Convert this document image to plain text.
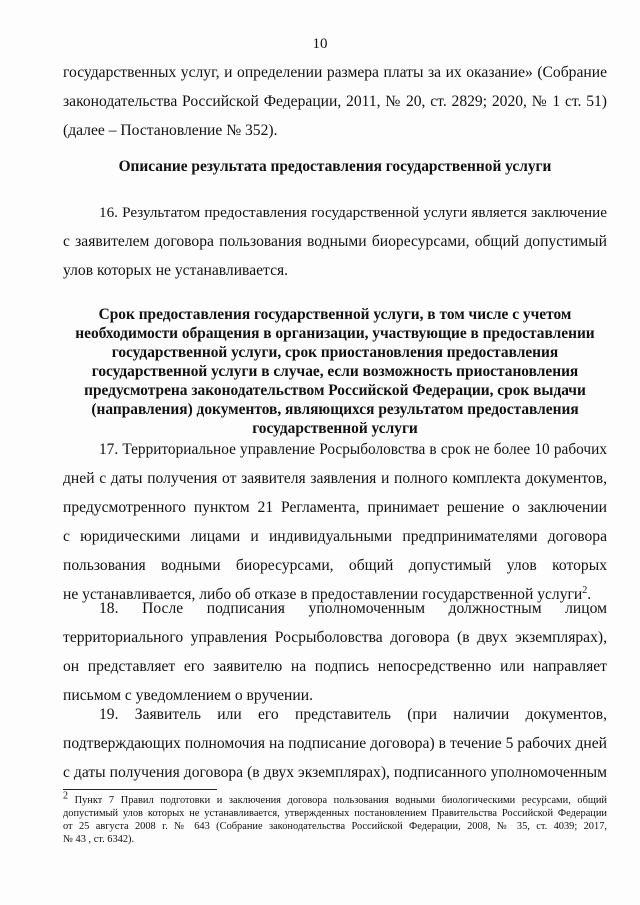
10
государственных услуг, и определении размера платы за их оказание» (Собрание
законодательства Российской Федерации, 2011, № 20, ст. 2829; 2020, № 1 ст. 51)
(далее – Постановление № 352).
Описание результата предоставления государственной услуги
16. Результатом предоставления государственной услуги является заключение
с заявителем договора пользования водными биоресурсами, общий допустимый
улов которых не устанавливается.
Срок предоставления государственной услуги, в том числе с учетом
необходимости обращения в организации, участвующие в предоставлении
государственной услуги, срок приостановления предоставления
государственной услуги в случае, если возможность приостановления
предусмотрена законодательством Российской Федерации, срок выдачи
(направления) документов, являющихся результатом предоставления
государственной услуги
17. Территориальное управление Росрыболовства в срок не более 10 рабочих
дней с даты получения от заявителя заявления и полного комплекта документов,
предусмотренного пунктом 21 Регламента, принимает решение о заключении
с юридическими лицами и индивидуальными предпринимателями договора
пользования водными биоресурсами, общий допустимый улов которых
не устанавливается, либо об отказе в предоставлении государственной услуги$^2$.
18. После подписания уполномоченным должностным лицом
территориального управления Росрыболовства договора (в двух экземплярах),
он представляет его заявителю на подпись непосредственно или направляет
письмом с уведомлением о вручении.
19. Заявитель или его представитель (при наличии документов,
подтверждающих полномочия на подписание договора) в течение 5 рабочих дней
с даты получения договора (в двух экземплярах), подписанного уполномоченным
$^2$ Пункт 7 Правил подготовки и заключения договора пользования водными биологическими ресурсами, общий
допустимый улов которых не устанавливается, утвержденных постановлением Правительства Российской Федерации
от 25 августа 2008 г. № 643 (Собрание законодательства Российской Федерации, 2008, № 35, ст. 4039; 2017,
№ 43 , ст. 6342).
